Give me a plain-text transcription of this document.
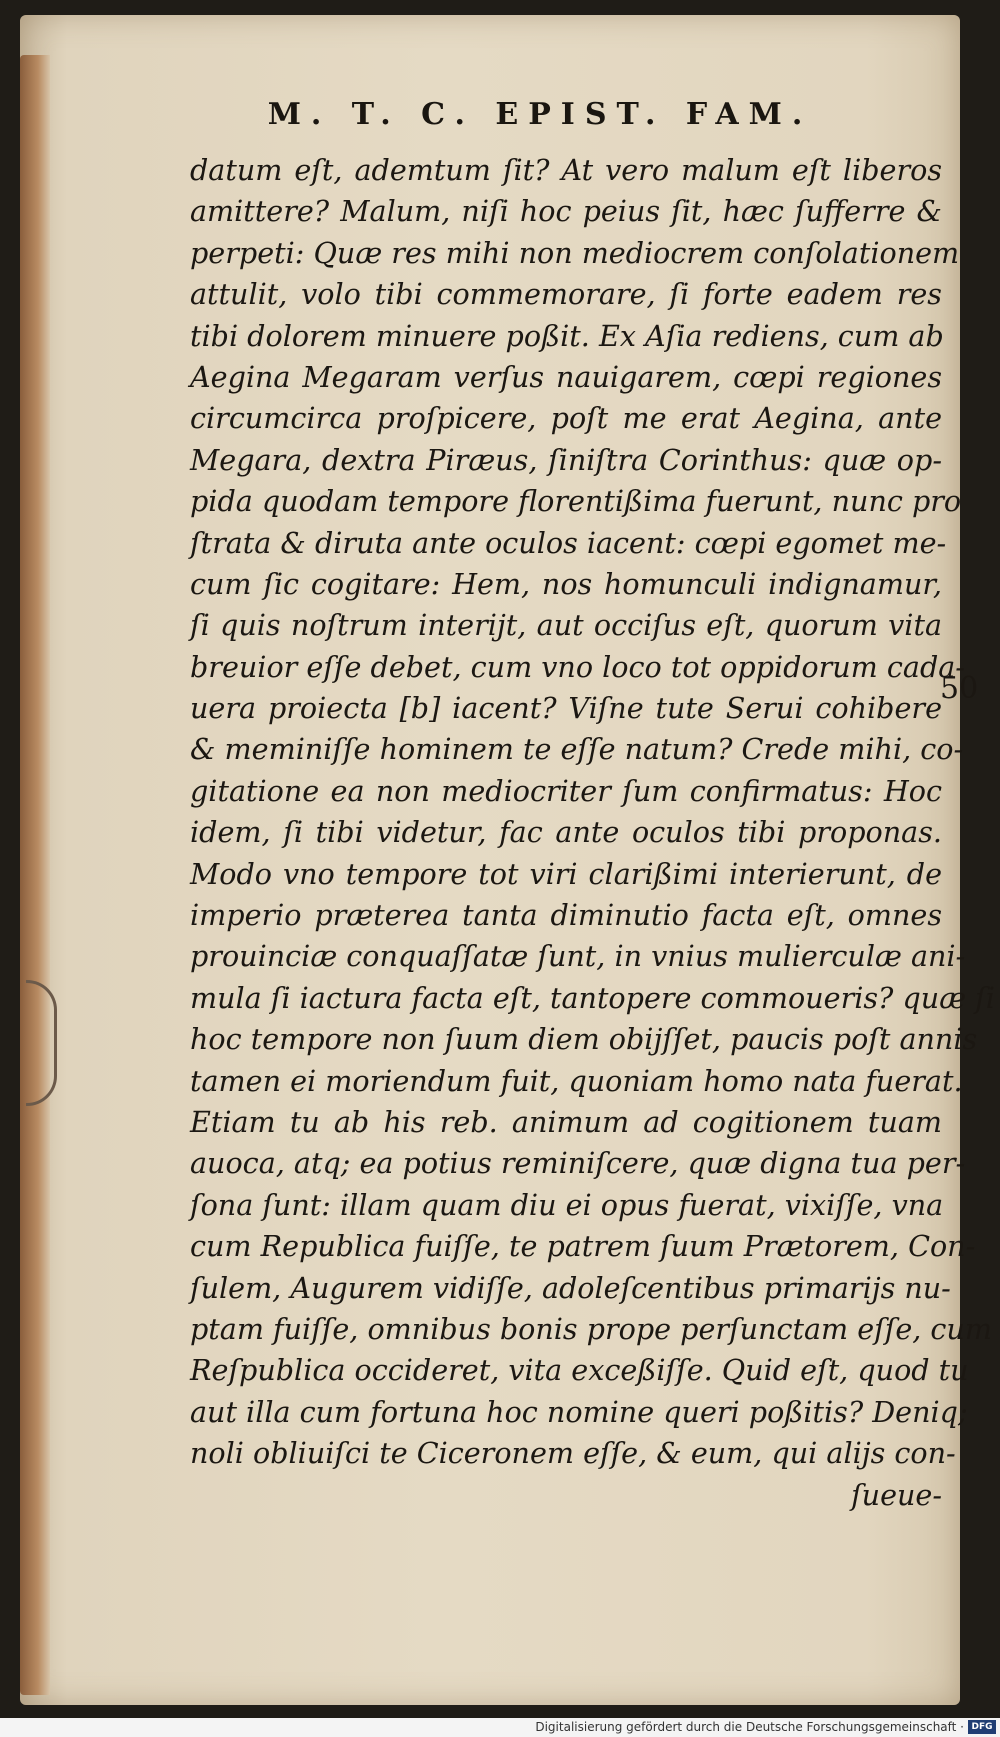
M. T. C. EPIST. FAM.
datum eſt, ademtum ſit? At vero malum eſt liberos
amittere? Malum, niſi hoc peius ſit, hæc ſufferre &
perpeti: Quæ res mihi non mediocrem conſolationem
attulit, volo tibi commemorare, ſi forte eadem res
tibi dolorem minuere poßit. Ex Aſia rediens, cum ab
Aegina Megaram verſus nauigarem, cœpi regiones
circumcirca proſpicere, poſt me erat Aegina, ante
Megara, dextra Piræus, ſiniſtra Corinthus: quæ op-
pida quodam tempore florentißima fuerunt, nunc pro
ſtrata & diruta ante oculos iacent: cœpi egomet me-
cum ſic cogitare: Hem, nos homunculi indignamur,
ſi quis noſtrum interijt, aut occiſus eſt, quorum vita
breuior eſſe debet, cum vno loco tot oppidorum cada-
uera proiecta [b] iacent? Viſne tute Serui cohibere
& meminiſſe hominem te eſſe natum? Crede mihi, co-
gitatione ea non mediocriter ſum confirmatus: Hoc
idem, ſi tibi videtur, fac ante oculos tibi proponas.
Modo vno tempore tot viri clarißimi interierunt, de
imperio præterea tanta diminutio facta eſt, omnes
prouinciæ conquaſſatæ ſunt, in vnius mulierculæ ani-
mula ſi iactura facta eſt, tantopere commoueris? quæ ſi
hoc tempore non ſuum diem obijſſet, paucis poſt annis
tamen ei moriendum fuit, quoniam homo nata fuerat.
Etiam tu ab his reb. animum ad cogitionem tuam
auoca, atq; ea potius reminiſcere, quæ digna tua per-
ſona ſunt: illam quam diu ei opus fuerat, vixiſſe, vna
cum Republica fuiſſe, te patrem ſuum Prætorem, Con-
ſulem, Augurem vidiſſe, adoleſcentibus primarijs nu-
ptam fuiſſe, omnibus bonis prope perſunctam eſſe, cum
Reſpublica occideret, vita exceßiſſe. Quid eſt, quod tu
aut illa cum fortuna hoc nomine queri poßitis? Deniq;
noli obliuiſci te Ciceronem eſſe, & eum, qui alijs con-
ſueue-
50
Digitalisierung gefördert durch die Deutsche Forschungsgemeinschaft · DFG
